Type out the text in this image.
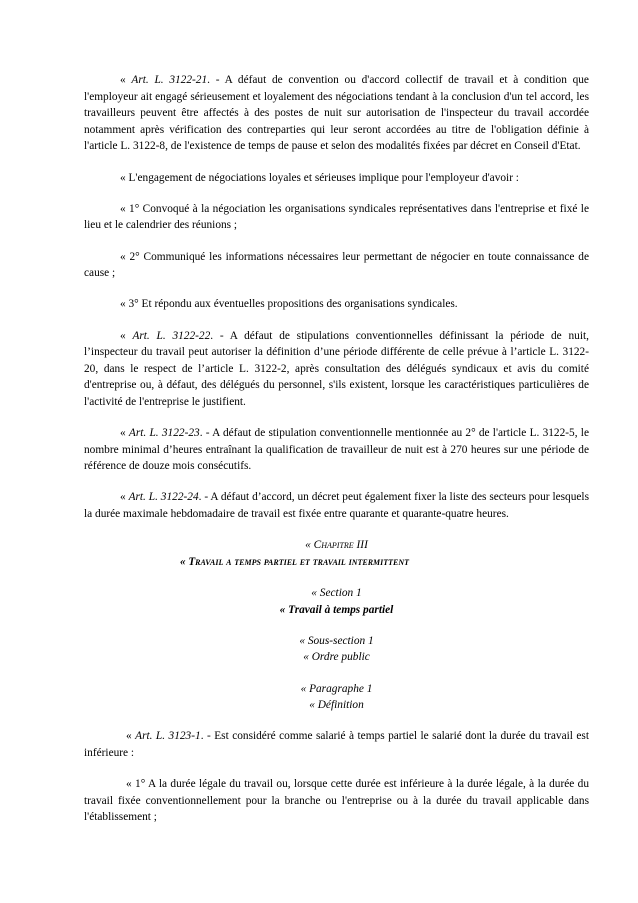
« Art. L. 3122-21. - A défaut de convention ou d'accord collectif de travail et à condition que l'employeur ait engagé sérieusement et loyalement des négociations tendant à la conclusion d'un tel accord, les travailleurs peuvent être affectés à des postes de nuit sur autorisation de l'inspecteur du travail accordée notamment après vérification des contreparties qui leur seront accordées au titre de l'obligation définie à l'article L. 3122-8, de l'existence de temps de pause et selon des modalités fixées par décret en Conseil d'Etat.

« L'engagement de négociations loyales et sérieuses implique pour l'employeur d'avoir :

« 1° Convoqué à la négociation les organisations syndicales représentatives dans l'entreprise et fixé le lieu et le calendrier des réunions ;

« 2° Communiqué les informations nécessaires leur permettant de négocier en toute connaissance de cause ;

« 3° Et répondu aux éventuelles propositions des organisations syndicales.

« Art. L. 3122-22. - A défaut de stipulations conventionnelles définissant la période de nuit, l’inspecteur du travail peut autoriser la définition d’une période différente de celle prévue à l’article L. 3122-20, dans le respect de l’article L. 3122-2, après consultation des délégués syndicaux et avis du comité d'entreprise ou, à défaut, des délégués du personnel, s'ils existent, lorsque les caractéristiques particulières de l'activité de l'entreprise le justifient.

« Art. L. 3122-23. - A défaut de stipulation conventionnelle mentionnée au 2° de l'article L. 3122-5, le nombre minimal d’heures entraînant la qualification de travailleur de nuit est à 270 heures sur une période de référence de douze mois consécutifs.

« Art. L. 3122-24. - A défaut d’accord, un décret peut également fixer la liste des secteurs pour lesquels la durée maximale hebdomadaire de travail est fixée entre quarante et quarante-quatre heures.

« Chapitre III

« Travail a temps partiel et travail intermittent

« Section 1

« Travail à temps partiel

« Sous-section 1

« Ordre public

« Paragraphe 1

« Définition

« Art. L. 3123-1. - Est considéré comme salarié à temps partiel le salarié dont la durée du travail est inférieure :

« 1° A la durée légale du travail ou, lorsque cette durée est inférieure à la durée légale, à la durée du travail fixée conventionnellement pour la branche ou l'entreprise ou à la durée du travail applicable dans l'établissement ;
